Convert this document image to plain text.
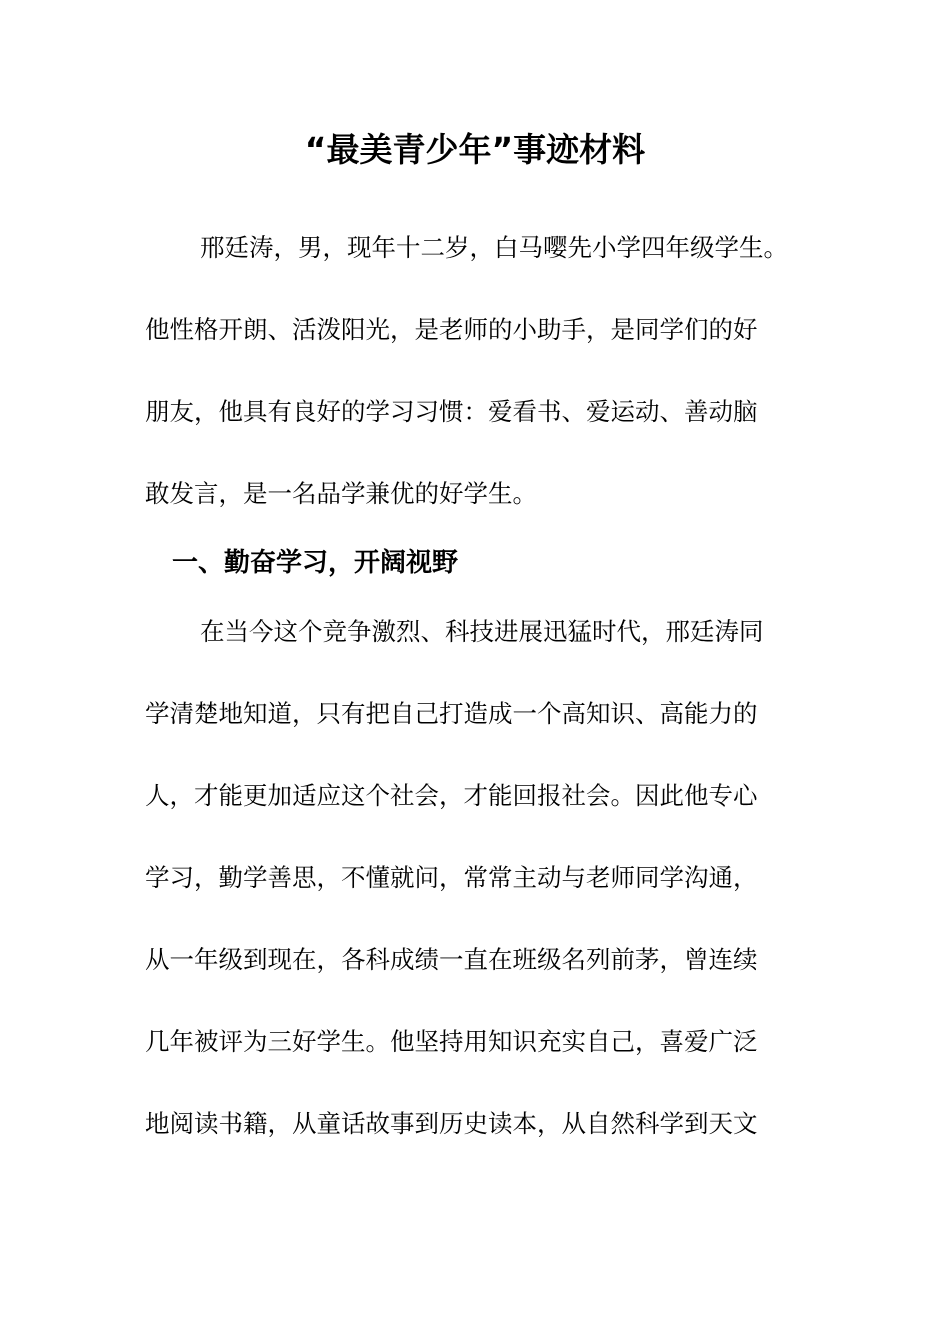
“最美青少年”事迹材料
邢廷涛，男，现年十二岁，白马嘤先小学四年级学生。
他性格开朗、活泼阳光，是老师的小助手，是同学们的好
朋友，他具有良好的学习习惯：爱看书、爱运动、善动脑
敢发言，是一名品学兼优的好学生。
一、勤奋学习，开阔视野
在当今这个竞争激烈、科技进展迅猛时代，邢廷涛同
学清楚地知道，只有把自己打造成一个高知识、高能力的
人，才能更加适应这个社会，才能回报社会。因此他专心
学习，勤学善思，不懂就问，常常主动与老师同学沟通，
从一年级到现在，各科成绩一直在班级名列前茅，曾连续
几年被评为三好学生。他坚持用知识充实自己，喜爱广泛
地阅读书籍，从童话故事到历史读本，从自然科学到天文
